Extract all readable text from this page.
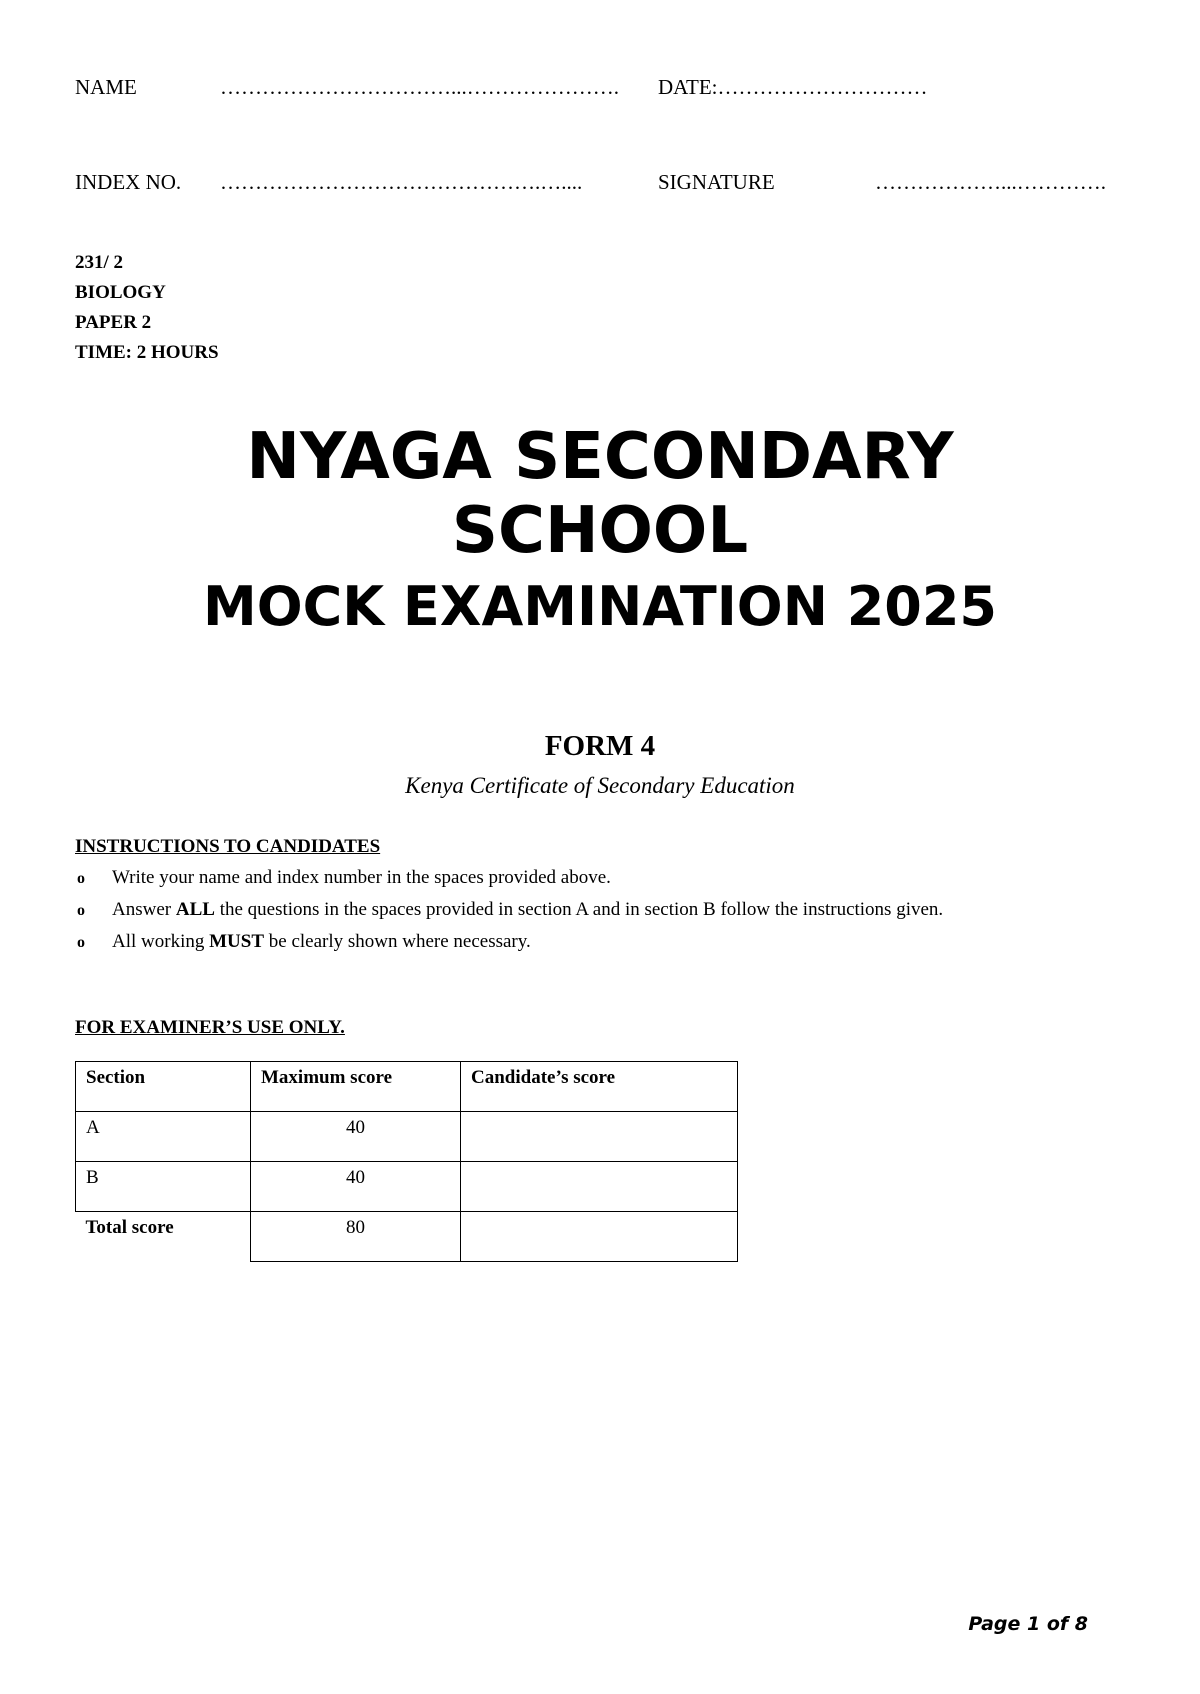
NAME	……………………………...…………………. DATE:…………………………
INDEX NO. ……………………………………….…....	SIGNATURE	………………...………….
231/ 2
BIOLOGY
PAPER 2
TIME: 2 HOURS
NYAGA SECONDARY
SCHOOL
MOCK EXAMINATION 2025
FORM 4
Kenya Certificate of Secondary Education
INSTRUCTIONS TO CANDIDATES
o Write your name and index number in the spaces provided above.
o Answer ALL the questions in the spaces provided in section A and in section B follow the instructions given.
o All working MUST be clearly shown where necessary.
FOR EXAMINER’S USE ONLY.
Section	Maximum score	Candidate’s score
A	40	
B	40	
Total score	80	
Page 1 of 8
